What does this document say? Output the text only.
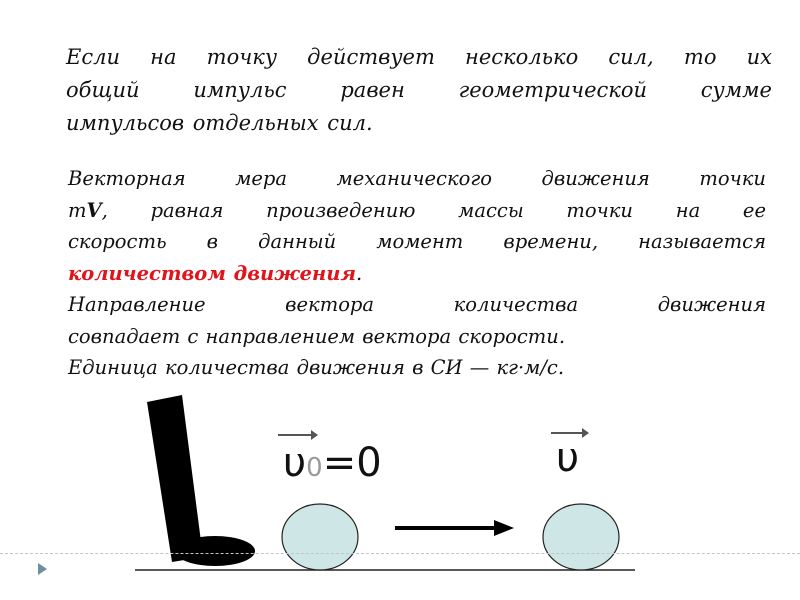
Если на точку действует несколько сил, то их
общий импульс равен геометрической сумме
импульсов отдельных сил.
Векторная мера механического движения точки
mV, равная произведению массы точки на ее
скорость в данный момент времени, называется
количеством движения.
Направление вектора количества движения
совпадает с направлением вектора скорости.
Единица количества движения в СИ — кг·м/с.
υ0=0	υ
